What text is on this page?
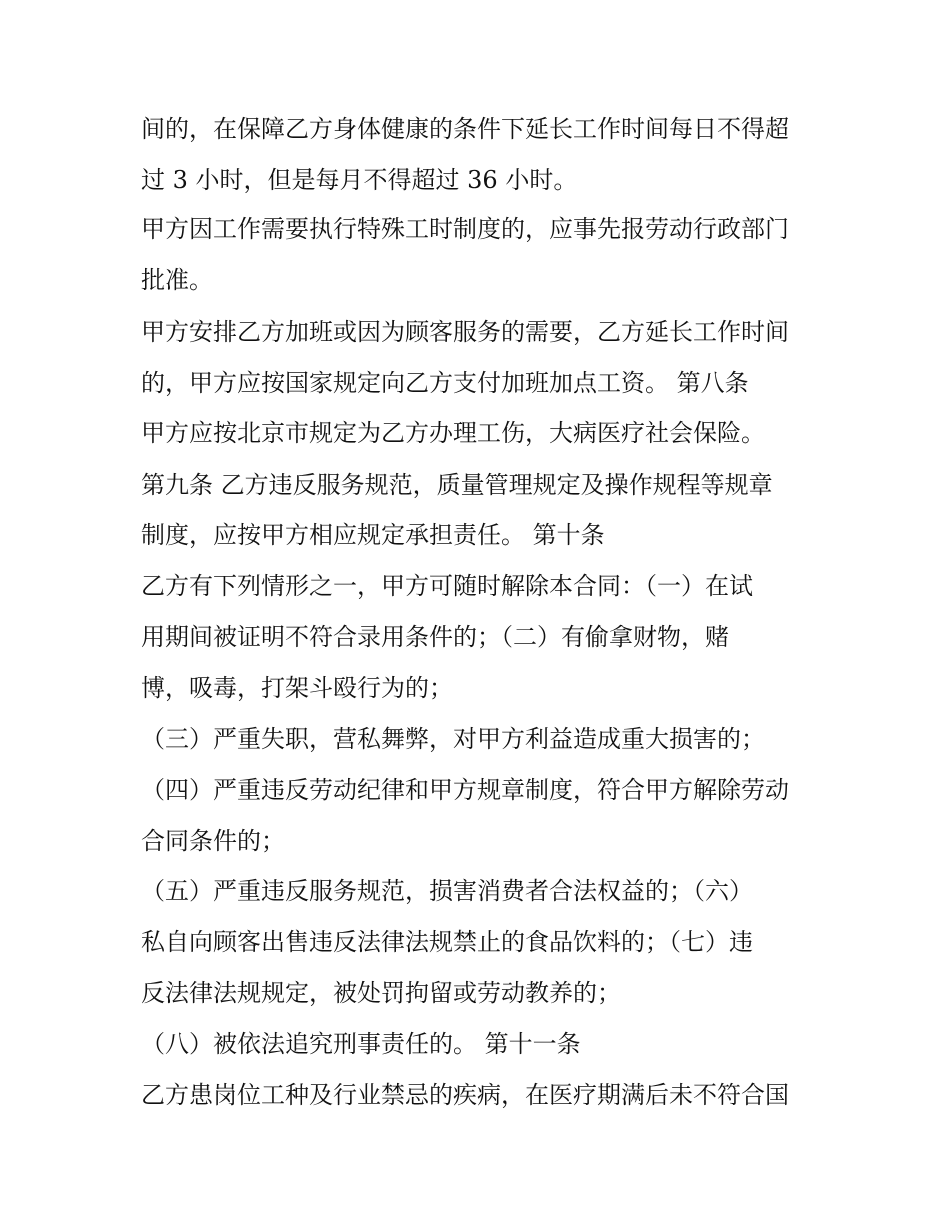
间的，在保障乙方身体健康的条件下延长工作时间每日不得超
过 3 小时，但是每月不得超过 36 小时。
甲方因工作需要执行特殊工时制度的，应事先报劳动行政部门
批准。
甲方安排乙方加班或因为顾客服务的需要，乙方延长工作时间
的，甲方应按国家规定向乙方支付加班加点工资。 第八条
甲方应按北京市规定为乙方办理工伤，大病医疗社会保险。
第九条 乙方违反服务规范，质量管理规定及操作规程等规章
制度，应按甲方相应规定承担责任。 第十条
乙方有下列情形之一，甲方可随时解除本合同：（一）在试
用期间被证明不符合录用条件的；（二）有偷拿财物，赌
博，吸毒，打架斗殴行为的；
（三）严重失职，营私舞弊，对甲方利益造成重大损害的；
（四）严重违反劳动纪律和甲方规章制度，符合甲方解除劳动
合同条件的；
（五）严重违反服务规范，损害消费者合法权益的；（六）
私自向顾客出售违反法律法规禁止的食品饮料的；（七）违
反法律法规规定，被处罚拘留或劳动教养的；
（八）被依法追究刑事责任的。 第十一条
乙方患岗位工种及行业禁忌的疾病，在医疗期满后未不符合国
